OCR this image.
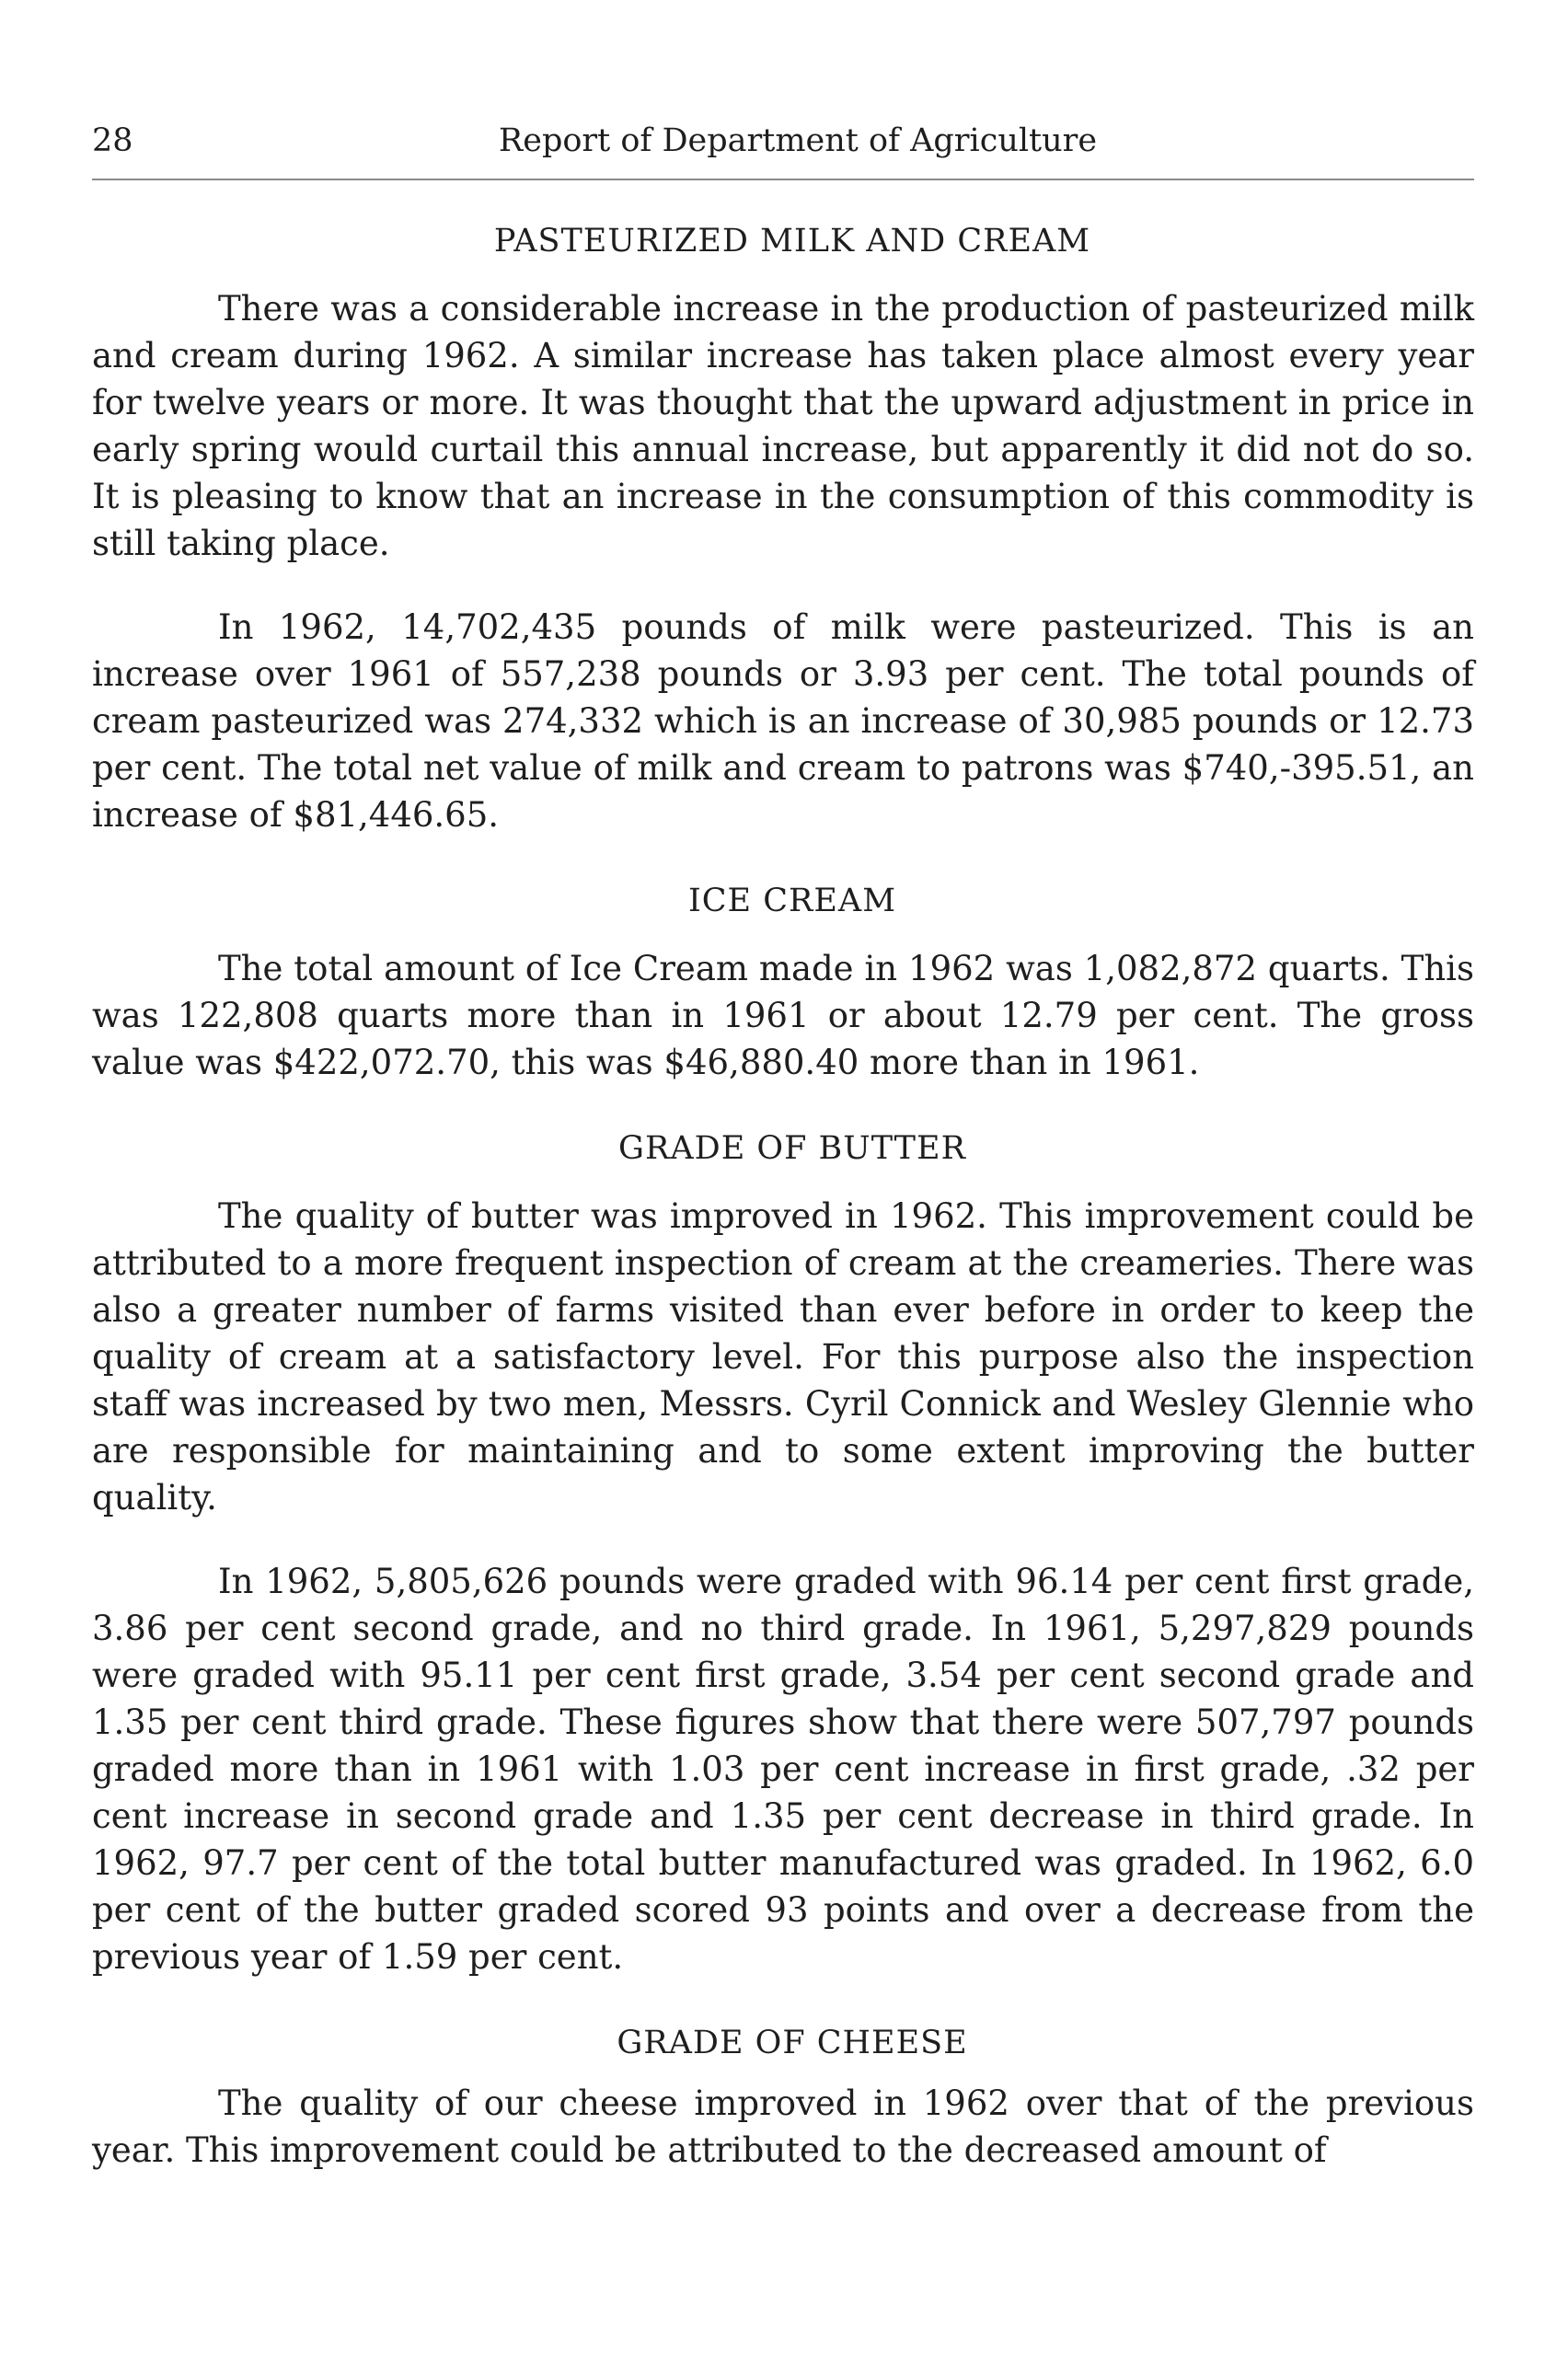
28	Report of Department of Agriculture
PASTEURIZED MILK AND CREAM

There was a considerable increase in the production of pasteurized milk and cream during 1962. A similar increase has taken place almost every year for twelve years or more. It was thought that the upward adjustment in price in early spring would curtail this annual increase, but apparently it did not do so. It is pleasing to know that an increase in the consumption of this commodity is still taking place.

In 1962, 14,702,435 pounds of milk were pasteurized. This is an increase over 1961 of 557,238 pounds or 3.93 per cent. The total pounds of cream pasteurized was 274,332 which is an increase of 30,985 pounds or 12.73 per cent. The total net value of milk and cream to patrons was $740,-395.51, an increase of $81,446.65.

ICE CREAM

The total amount of Ice Cream made in 1962 was 1,082,872 quarts. This was 122,808 quarts more than in 1961 or about 12.79 per cent. The gross value was $422,072.70, this was $46,880.40 more than in 1961.

GRADE OF BUTTER

The quality of butter was improved in 1962. This improvement could be attributed to a more frequent inspection of cream at the creameries. There was also a greater number of farms visited than ever before in order to keep the quality of cream at a satisfactory level. For this purpose also the inspection staff was increased by two men, Messrs. Cyril Connick and Wesley Glennie who are responsible for maintaining and to some extent improving the butter quality.

In 1962, 5,805,626 pounds were graded with 96.14 per cent first grade, 3.86 per cent second grade, and no third grade. In 1961, 5,297,829 pounds were graded with 95.11 per cent first grade, 3.54 per cent second grade and 1.35 per cent third grade. These figures show that there were 507,797 pounds graded more than in 1961 with 1.03 per cent increase in first grade, .32 per cent increase in second grade and 1.35 per cent decrease in third grade. In 1962, 97.7 per cent of the total butter manufactured was graded. In 1962, 6.0 per cent of the butter graded scored 93 points and over a decrease from the previous year of 1.59 per cent.

GRADE OF CHEESE

The quality of our cheese improved in 1962 over that of the previous year. This improvement could be attributed to the decreased amount of
